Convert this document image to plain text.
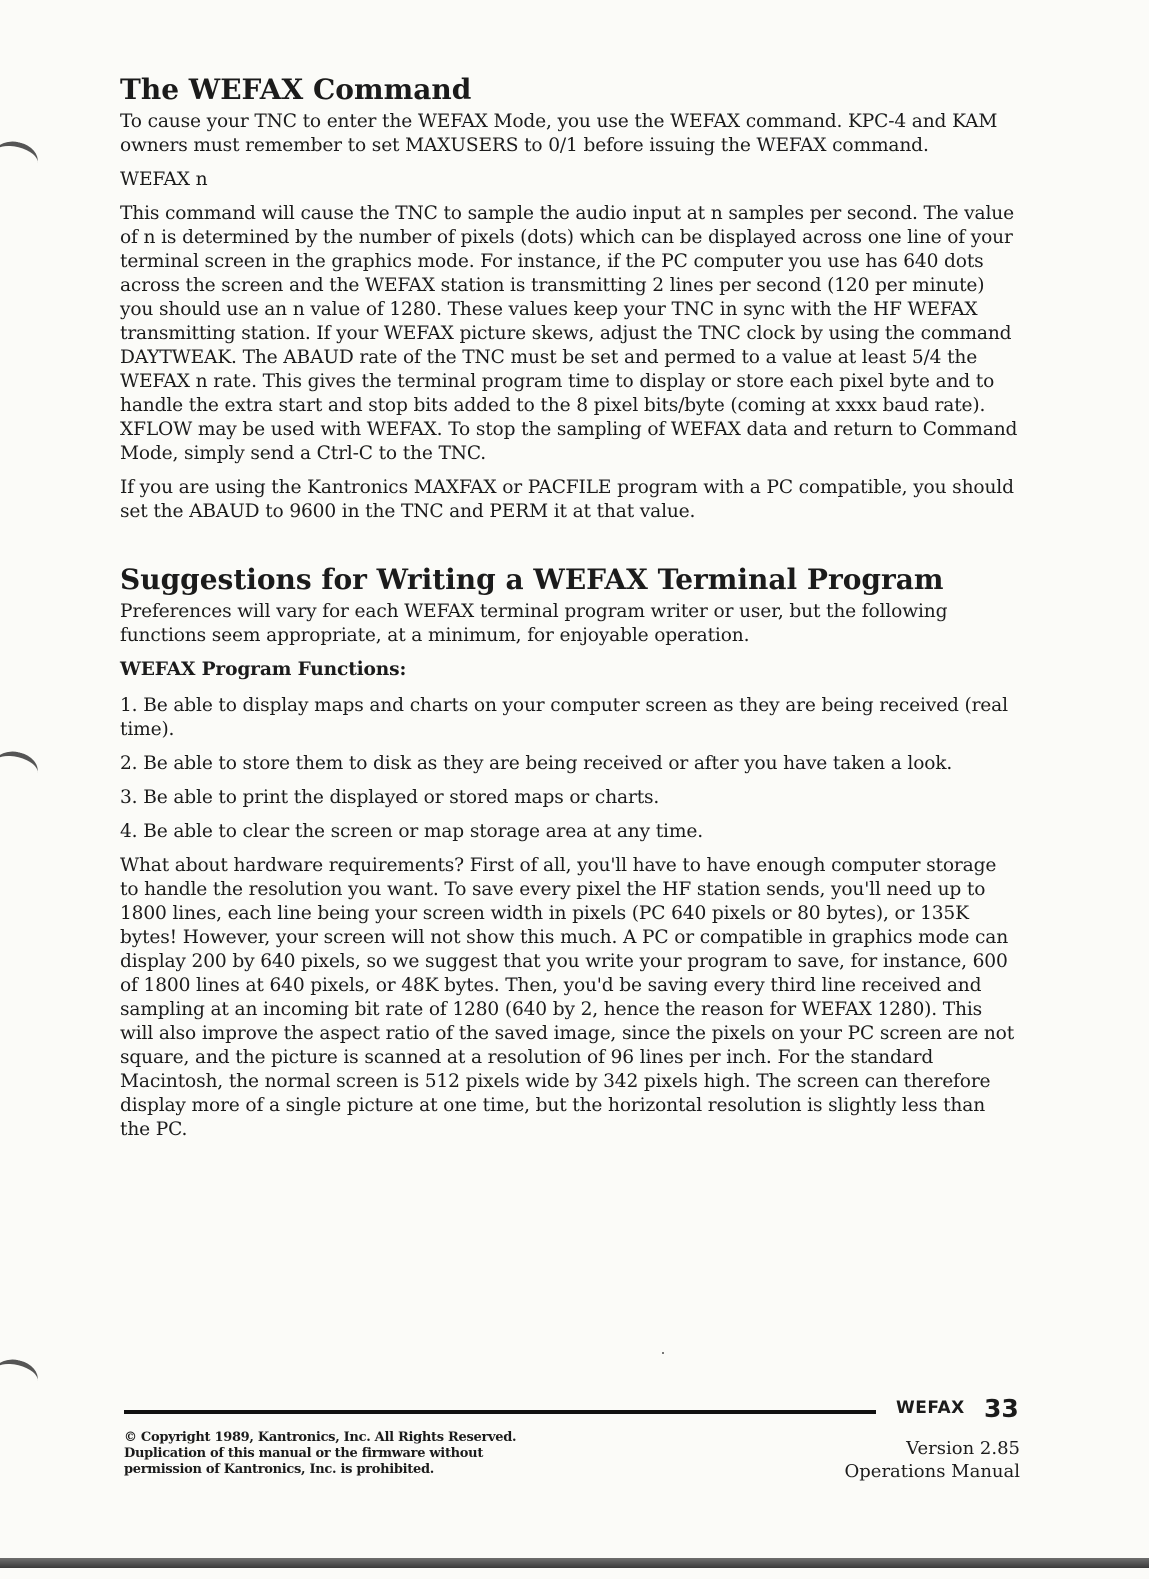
The WEFAX Command

To cause your TNC to enter the WEFAX Mode, you use the WEFAX command. KPC-4 and KAM owners must remember to set MAXUSERS to 0/1 before issuing the WEFAX command.

WEFAX n

This command will cause the TNC to sample the audio input at n samples per second. The value of n is determined by the number of pixels (dots) which can be displayed across one line of your terminal screen in the graphics mode. For instance, if the PC computer you use has 640 dots across the screen and the WEFAX station is transmitting 2 lines per second (120 per minute) you should use an n value of 1280. These values keep your TNC in sync with the HF WEFAX transmitting station. If your WEFAX picture skews, adjust the TNC clock by using the command DAYTWEAK. The ABAUD rate of the TNC must be set and permed to a value at least 5/4 the WEFAX n rate. This gives the terminal program time to display or store each pixel byte and to handle the extra start and stop bits added to the 8 pixel bits/byte (coming at xxxx baud rate). XFLOW may be used with WEFAX. To stop the sampling of WEFAX data and return to Command Mode, simply send a Ctrl-C to the TNC.

If you are using the Kantronics MAXFAX or PACFILE program with a PC compatible, you should set the ABAUD to 9600 in the TNC and PERM it at that value.

Suggestions for Writing a WEFAX Terminal Program

Preferences will vary for each WEFAX terminal program writer or user, but the following functions seem appropriate, at a minimum, for enjoyable operation.

WEFAX Program Functions:

1. Be able to display maps and charts on your computer screen as they are being received (real time).

2. Be able to store them to disk as they are being received or after you have taken a look.

3. Be able to print the displayed or stored maps or charts.

4. Be able to clear the screen or map storage area at any time.

What about hardware requirements? First of all, you'll have to have enough computer storage to handle the resolution you want. To save every pixel the HF station sends, you'll need up to 1800 lines, each line being your screen width in pixels (PC 640 pixels or 80 bytes), or 135K bytes! However, your screen will not show this much. A PC or compatible in graphics mode can display 200 by 640 pixels, so we suggest that you write your program to save, for instance, 600 of 1800 lines at 640 pixels, or 48K bytes. Then, you'd be saving every third line received and sampling at an incoming bit rate of 1280 (640 by 2, hence the reason for WEFAX 1280). This will also improve the aspect ratio of the saved image, since the pixels on your PC screen are not square, and the picture is scanned at a resolution of 96 lines per inch. For the standard Macintosh, the normal screen is 512 pixels wide by 342 pixels high. The screen can therefore display more of a single picture at one time, but the horizontal resolution is slightly less than the PC.

WEFAX 33
© Copyright 1989, Kantronics, Inc. All Rights Reserved.
Duplication of this manual or the firmware without
permission of Kantronics, Inc. is prohibited.
Version 2.85
Operations Manual
